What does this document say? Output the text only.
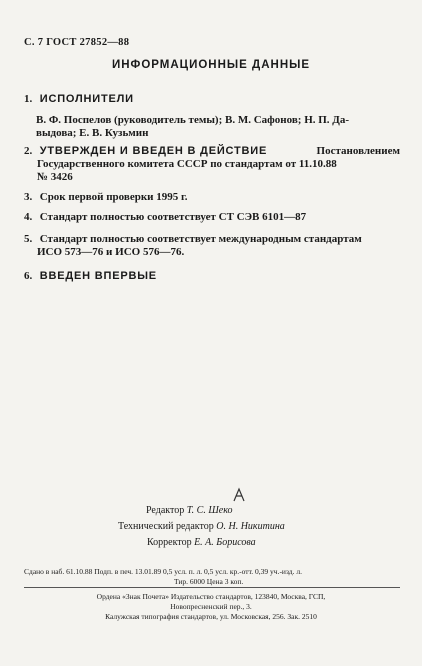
С. 7 ГОСТ 27852—88
ИНФОРМАЦИОННЫЕ ДАННЫЕ
1. ИСПОЛНИТЕЛИ
В. Ф. Поспелов (руководитель темы); В. М. Сафонов; Н. П. Да-
выдова; Е. В. Кузьмин
2. УТВЕРЖДЕН И ВВЕДЕН В ДЕЙСТВИЕ	Постановлением
Государственного комитета СССР по стандартам от 11.10.88
№ 3426
3. Срок первой проверки 1995 г.
4. Стандарт полностью соответствует СТ СЭВ 6101—87
5. Стандарт полностью соответствует международным стандартам
ИСО 573—76 и ИСО 576—76.
6. ВВЕДЕН ВПЕРВЫЕ
Редактор Т. С. Шеко
Технический редактор О. Н. Никитина
Корректор Е. А. Борисова
Сдано в наб. 61.10.88 Подп. в печ. 13.01.89 0,5 усл. п. л. 0,5 усл. кр.-отт. 0,39 уч.-изд. л.
Тир. 6000 Цена 3 коп.
Ордена «Знак Почета» Издательство стандартов, 123840, Москва, ГСП,
Новопресненский пер., 3.
Калужская типография стандартов, ул. Московская, 256. Зак. 2510
